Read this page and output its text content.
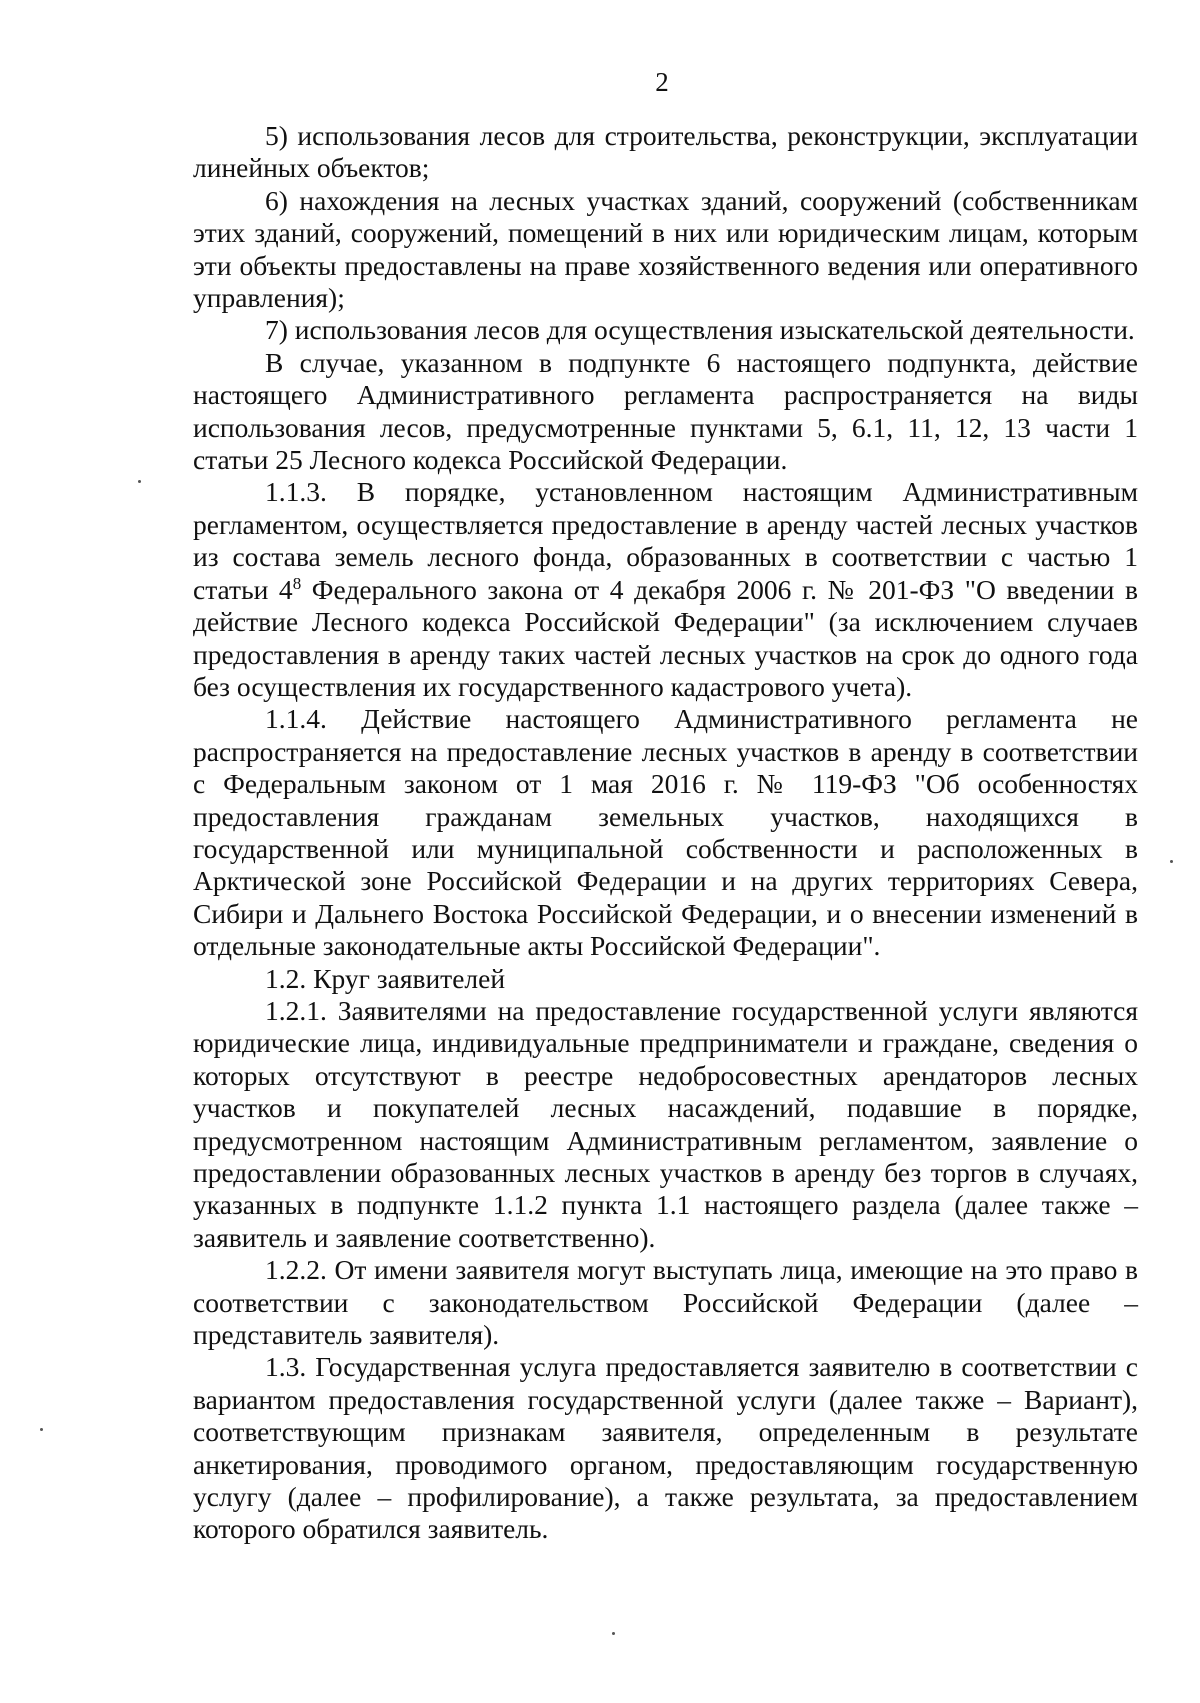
2

5) использования лесов для строительства, реконструкции, эксплуатации линейных объектов;

6) нахождения на лесных участках зданий, сооружений (собственникам этих зданий, сооружений, помещений в них или юридическим лицам, которым эти объекты предоставлены на праве хозяйственного ведения или оперативного управления);

7) использования лесов для осуществления изыскательской деятельности.

В случае, указанном в подпункте 6 настоящего подпункта, действие настоящего Административного регламента распространяется на виды использования лесов, предусмотренные пунктами 5, 6.1, 11, 12, 13 части 1 статьи 25 Лесного кодекса Российской Федерации.

1.1.3. В порядке, установленном настоящим Административным регламентом, осуществляется предоставление в аренду частей лесных участков из состава земель лесного фонда, образованных в соответствии с частью 1 статьи $4^8$ Федерального закона от 4 декабря 2006 г. № 201-ФЗ "О введении в действие Лесного кодекса Российской Федерации" (за исключением случаев предоставления в аренду таких частей лесных участков на срок до одного года без осуществления их государственного кадастрового учета).

1.1.4. Действие настоящего Административного регламента не распространяется на предоставление лесных участков в аренду в соответствии с Федеральным законом от 1 мая 2016 г. № 119-ФЗ "Об особенностях предоставления гражданам земельных участков, находящихся в государственной или муниципальной собственности и расположенных в Арктической зоне Российской Федерации и на других территориях Севера, Сибири и Дальнего Востока Российской Федерации, и о внесении изменений в отдельные законодательные акты Российской Федерации".

1.2. Круг заявителей

1.2.1. Заявителями на предоставление государственной услуги являются юридические лица, индивидуальные предприниматели и граждане, сведения о которых отсутствуют в реестре недобросовестных арендаторов лесных участков и покупателей лесных насаждений, подавшие в порядке, предусмотренном настоящим Административным регламентом, заявление о предоставлении образованных лесных участков в аренду без торгов в случаях, указанных в подпункте 1.1.2 пункта 1.1 настоящего раздела (далее также – заявитель и заявление соответственно).

1.2.2. От имени заявителя могут выступать лица, имеющие на это право в соответствии с законодательством Российской Федерации (далее – представитель заявителя).

1.3. Государственная услуга предоставляется заявителю в соответствии с вариантом предоставления государственной услуги (далее также – Вариант), соответствующим признакам заявителя, определенным в результате анкетирования, проводимого органом, предоставляющим государственную услугу (далее – профилирование), а также результата, за предоставлением которого обратился заявитель.
